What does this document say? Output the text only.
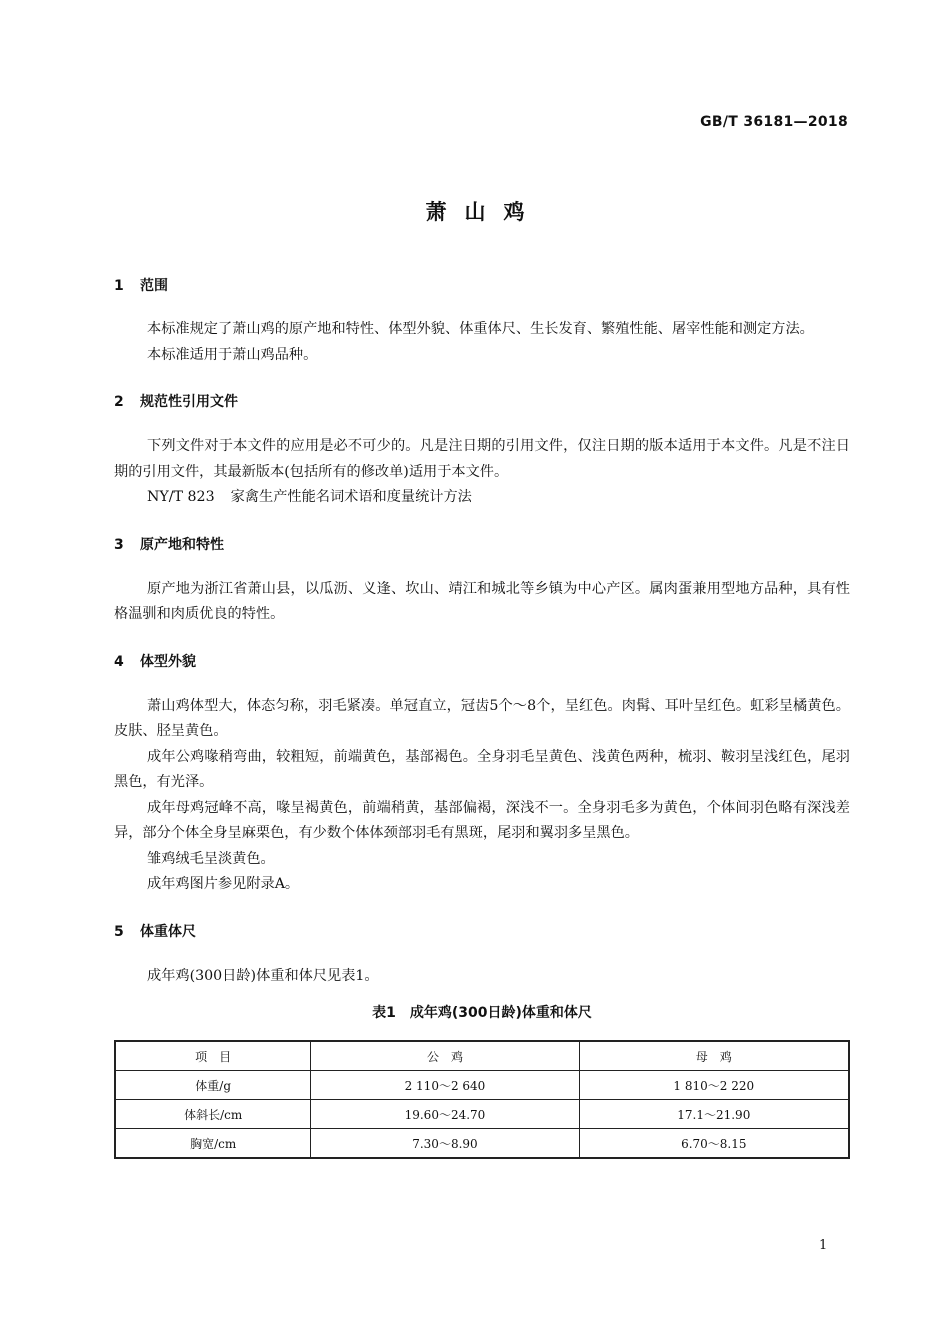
GB/T 36181—2018
萧山鸡

1 范围

本标准规定了萧山鸡的原产地和特性、体型外貌、体重体尺、生长发育、繁殖性能、屠宰性能和测定方法。

本标准适用于萧山鸡品种。

2 规范性引用文件

下列文件对于本文件的应用是必不可少的。凡是注日期的引用文件，仅注日期的版本适用于本文件。凡是不注日期的引用文件，其最新版本(包括所有的修改单)适用于本文件。

NY/T 823 家禽生产性能名词术语和度量统计方法

3 原产地和特性

原产地为浙江省萧山县，以瓜沥、义逢、坎山、靖江和城北等乡镇为中心产区。属肉蛋兼用型地方品种，具有性格温驯和肉质优良的特性。

4 体型外貌

萧山鸡体型大，体态匀称，羽毛紧凑。单冠直立，冠齿5个～8个，呈红色。肉髯、耳叶呈红色。虹彩呈橘黄色。皮肤、胫呈黄色。

成年公鸡喙稍弯曲，较粗短，前端黄色，基部褐色。全身羽毛呈黄色、浅黄色两种，梳羽、鞍羽呈浅红色，尾羽黑色，有光泽。

成年母鸡冠峰不高，喙呈褐黄色，前端稍黄，基部偏褐，深浅不一。全身羽毛多为黄色，个体间羽色略有深浅差异，部分个体全身呈麻栗色，有少数个体体颈部羽毛有黑斑，尾羽和翼羽多呈黑色。

雏鸡绒毛呈淡黄色。

成年鸡图片参见附录A。

5 体重体尺

成年鸡(300日龄)体重和体尺见表1。

表1 成年鸡(300日龄)体重和体尺

项　目	公　鸡	母　鸡
体重/g	2 110～2 640	1 810～2 220
体斜长/cm	19.60～24.70	17.1～21.90
胸宽/cm	7.30～8.90	6.70～8.15
1
